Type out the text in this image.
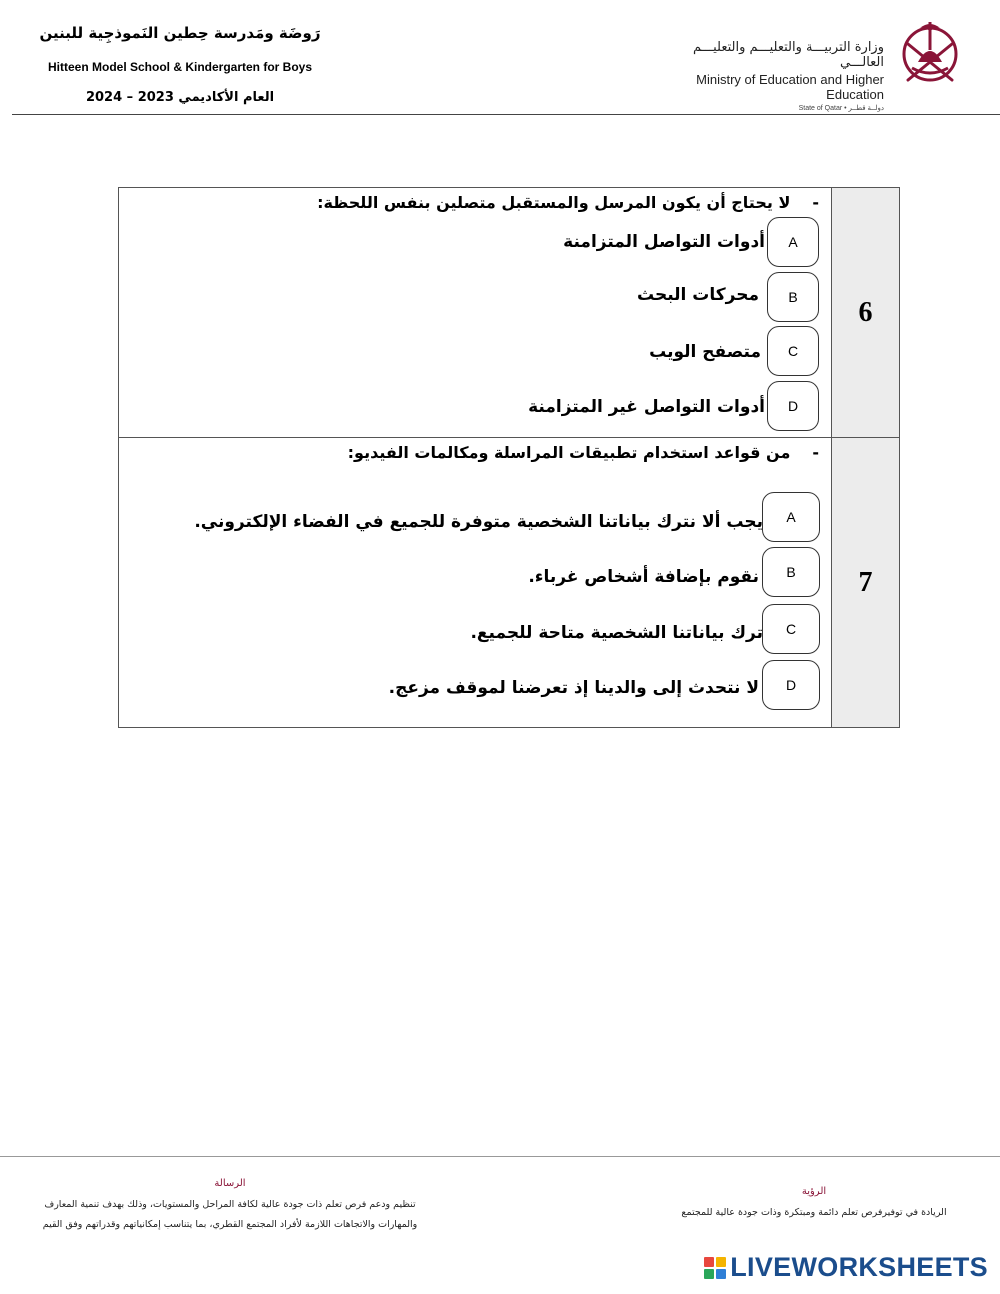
رَوضَة ومَدرسة حِطين النَموذجِية للبنين
Hitteen Model School & Kindergarten for Boys
العام الأكاديمي 2023 – 2024
وزارة التربيـــة والتعليـــم والتعليـــم العالـــي
Ministry of Education and Higher Education
State of Qatar • دولــة قطــر
-لا يحتاج أن يكون المرسل والمستقبل متصلين بنفس اللحظة:
A
أدوات التواصل المتزامنة
B
محركات البحث
C
متصفح الويب
D
أدوات التواصل غير المتزامنة
6
-من قواعد استخدام تطبيقات المراسلة ومكالمات الفيديو:
A
يجب ألا نترك بياناتنا الشخصية متوفرة للجميع في الفضاء الإلكتروني.
B
نقوم بإضافة أشخاص غرباء.
C
ترك بياناتنا الشخصية متاحة للجميع.
D
لا نتحدث إلى والدينا إذ تعرضنا لموقف مزعج.
7
الرسالة
تنظيم ودعم فرص تعلم ذات جودة عالية لكافة المراحل والمستويات، وذلك بهدف تنمية المعارف
والمهارات والاتجاهات اللازمة لأفراد المجتمع القطري، بما يتناسب إمكانياتهم وقدراتهم وفق القيم
الرؤية
الريادة في توفيرفرص تعلم دائمة ومبتكرة وذات جودة عالية للمجتمع
LIVEWORKSHEETS
